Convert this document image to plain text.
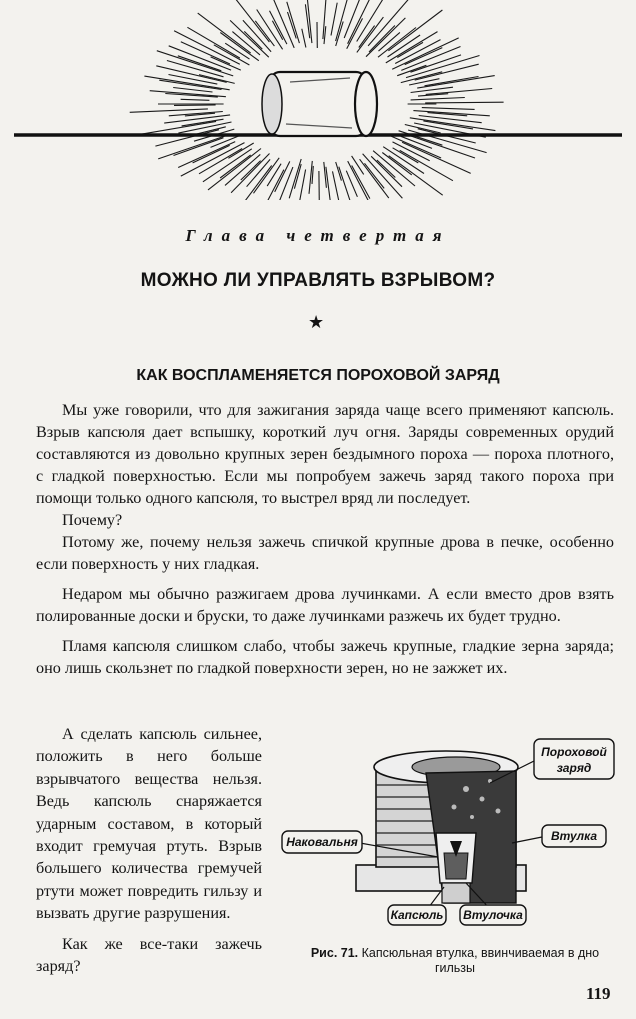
Глава четвертая
МОЖНО ЛИ УПРАВЛЯТЬ ВЗРЫВОМ?
★
КАК ВОСПЛАМЕНЯЕТСЯ ПОРОХОВОЙ ЗАРЯД

Мы уже говорили, что для зажигания заряда чаще всего применяют капсюль. Взрыв капсюля дает вспышку, короткий луч огня. Заряды современных орудий составляются из довольно крупных зерен бездымного пороха — пороха плотного, с гладкой поверхностью. Если мы попробуем зажечь заряд такого пороха при помощи только одного капсюля, то выстрел вряд ли последует.

Почему?

Потому же, почему нельзя зажечь спичкой крупные дрова в печке, особенно если поверхность у них гладкая.

Недаром мы обычно разжигаем дрова лучинками. А если вместо дров взять полированные доски и бруски, то даже лучинками разжечь их будет трудно.

Пламя капсюля слишком слабо, чтобы зажечь крупные, гладкие зерна заряда; оно лишь скользнет по гладкой поверхности зерен, но не зажжет их.

А сделать капсюль сильнее, положить в него больше взрывчатого вещества нельзя. Ведь капсюль снаряжается ударным составом, в который входит гремучая ртуть. Взрыв большего количества гремучей ртути может повредить гильзу и вызвать другие разрушения.

Как же все-таки зажечь заряд?

Пороховой
заряд
Втулка
Наковальня
Капсюль Втулочка
Рис. 71. Капсюльная втулка, ввинчиваемая в дно гильзы
119
